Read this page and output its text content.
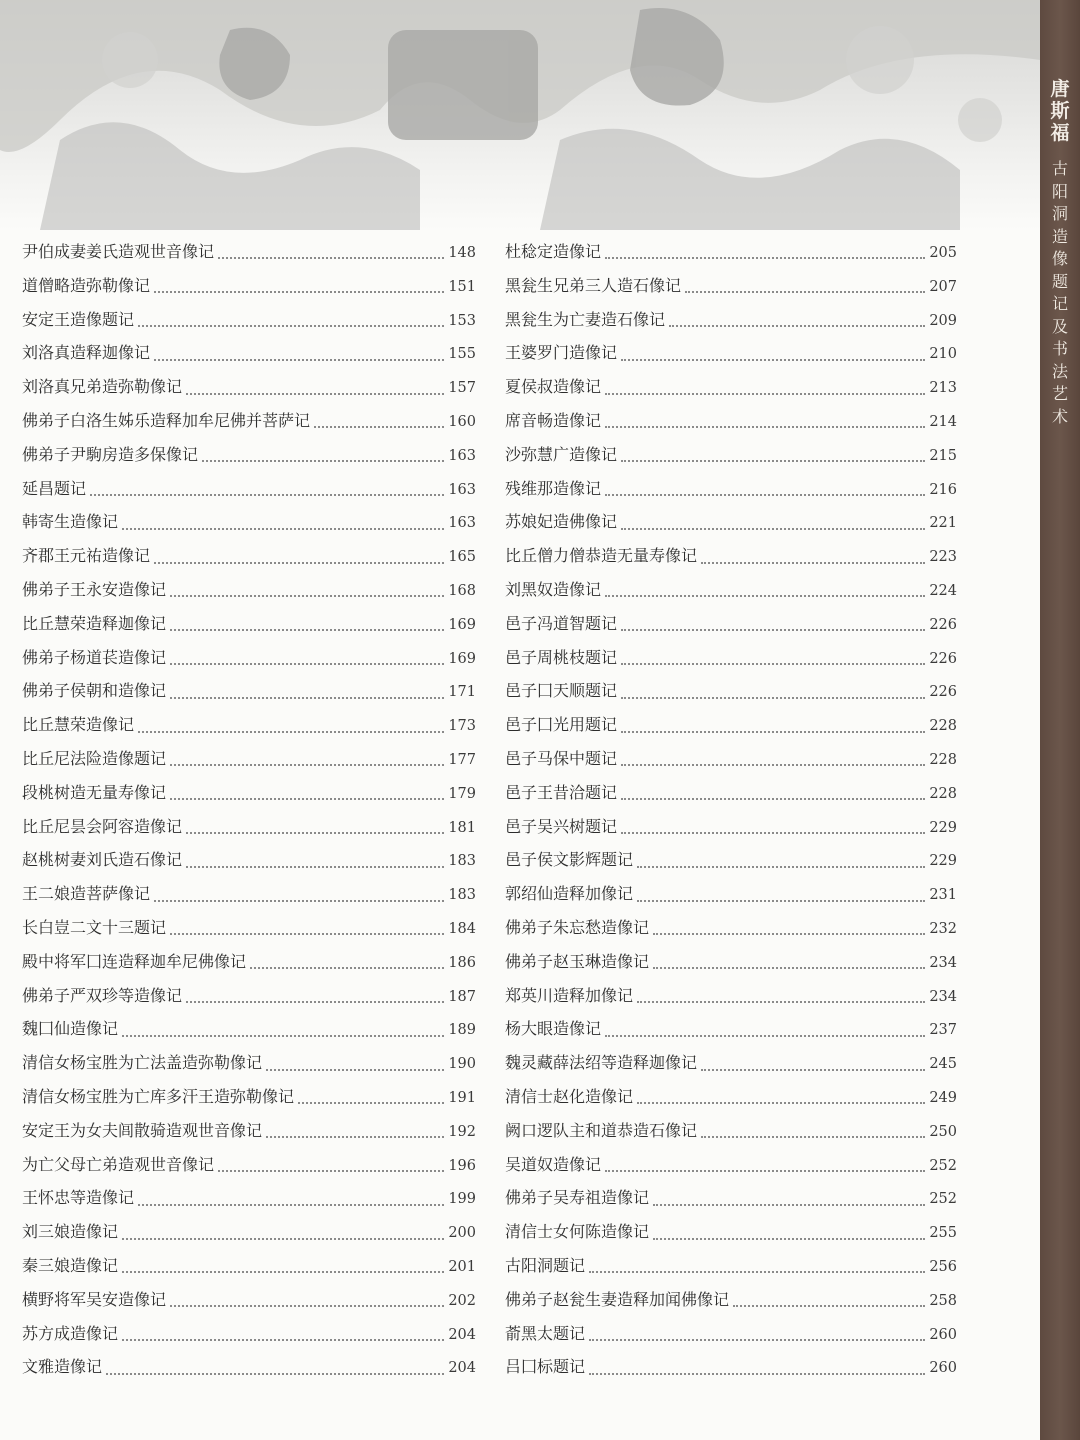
唐
斯
福
古
阳
洞
造
像
题
记
及
书
法
艺
术
尹伯成妻姜氏造观世音像记	148
道僧略造弥勒像记	151
安定王造像题记	153
刘洛真造释迦像记	155
刘洛真兄弟造弥勒像记	157
佛弟子白洛生姊乐造释加牟尼佛并菩萨记	160
佛弟子尹駒房造多保像记	163
延昌题记	163
韩寄生造像记	163
齐郡王元祐造像记	165
佛弟子王永安造像记	168
比丘慧荣造释迦像记	169
佛弟子杨道苌造像记	169
佛弟子侯朝和造像记	171
比丘慧荣造像记	173
比丘尼法险造像题记	177
段桃树造无量寿像记	179
比丘尼昙会阿容造像记	181
赵桃树妻刘氏造石像记	183
王二娘造菩萨像记	183
长白豈二文十三题记	184
殿中将军囗连造释迦牟尼佛像记	186
佛弟子严双珍等造像记	187
魏囗仙造像记	189
清信女杨宝胜为亡法盖造弥勒像记	190
清信女杨宝胜为亡库多汗王造弥勒像记	191
安定王为女夫闾散骑造观世音像记	192
为亡父母亡弟造观世音像记	196
王怀忠等造像记	199
刘三娘造像记	200
秦三娘造像记	201
横野将军吴安造像记	202
苏方成造像记	204
文雅造像记	204
杜稔定造像记	205
黑瓮生兄弟三人造石像记	207
黑瓮生为亡妻造石像记	209
王婆罗门造像记	210
夏侯叔造像记	213
席音畅造像记	214
沙弥慧广造像记	215
残维那造像记	216
苏娘妃造佛像记	221
比丘僧力僧恭造无量寿像记	223
刘黑奴造像记	224
邑子冯道智题记	226
邑子周桃枝题记	226
邑子囗天顺题记	226
邑子囗光用题记	228
邑子马保中题记	228
邑子王昔洽题记	228
邑子吴兴树题记	229
邑子侯文影辉题记	229
郭绍仙造释加像记	231
佛弟子朱忘愁造像记	232
佛弟子赵玉琳造像记	234
郑英川造释加像记	234
杨大眼造像记	237
魏灵藏薛法绍等造释迦像记	245
清信士赵化造像记	249
阙口逻队主和道恭造石像记	250
吴道奴造像记	252
佛弟子吴寿祖造像记	252
清信士女何陈造像记	255
古阳洞题记	256
佛弟子赵瓮生妻造释加闻佛像记	258
萮黑太题记	260
吕囗标题记	260
